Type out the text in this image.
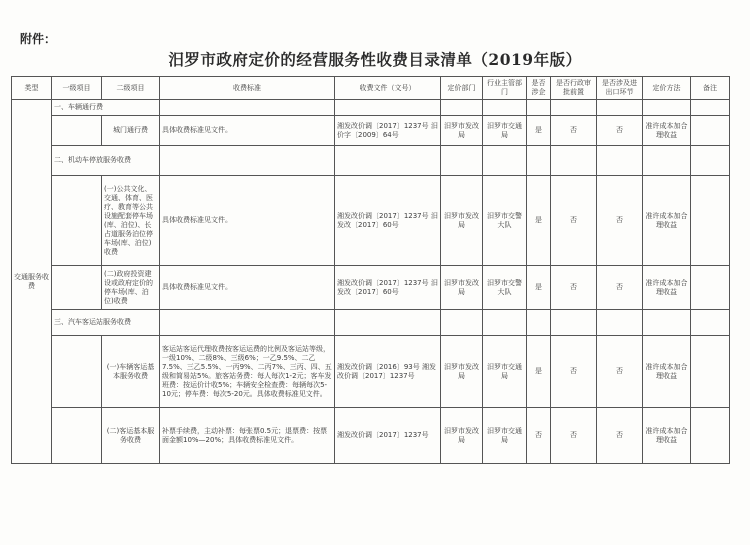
附件：
汨罗市政府定价的经营服务性收费目录清单（2019年版）
类型	一级项目	二级项目	收费标准	收费文件（文号）	定价部门	行业主管部门	是否涉企	是否行政审批前置	是否涉及进出口环节	定价方法	备注
交通服务收费	一、车辆通行费										
		城门通行费	具体收费标准见文件。	湘发改价调〔2017〕1237号 汨价字〔2009〕64号	汨罗市发改局	汨罗市交通局	是	否	否	准许成本加合理收益	
	二、机动车停放服务收费										
		(一)公共文化、交通、体育、医疗、教育等公共设施配套停车场(库、泊位)、长占道服务泊位停车场(库、泊位)收费	具体收费标准见文件。	湘发改价调〔2017〕1237号 汨发改〔2017〕60号	汨罗市发改局	汨罗市交警大队	是	否	否	准许成本加合理收益	
		(二)政府投资建设或政府定价的停车场(库、泊位)收费	具体收费标准见文件。	湘发改价调〔2017〕1237号 汨发改〔2017〕60号	汨罗市发改局	汨罗市交警大队	是	否	否	准许成本加合理收益	
	三、汽车客运站服务收费										
		(一)车辆客运基本服务收费	客运站客运代理收费按客运运费的比例及客运站等级，一级10%、二级8%、三级6%；一乙9.5%、二乙7.5%、三乙5.5%、一丙9%、二丙7%、三丙、四、五级和简易站5%。旅客站务费：每人每次1-2元；客车发班费：按运价计收5%；车辆安全检查费：每辆每次5-10元；停车费：每次5-20元。具体收费标准见文件。	湘发改价调〔2016〕93号 湘发改价调〔2017〕1237号	汨罗市发改局	汨罗市交通局	是	否	否	准许成本加合理收益	
		(二)客运基本服务收费	补票手续费，主动补票：每张票0.5元；退票费：按票面金额10%—20%；具体收费标准见文件。	湘发改价调〔2017〕1237号	汨罗市发改局	汨罗市交通局	否	否	否	准许成本加合理收益	
